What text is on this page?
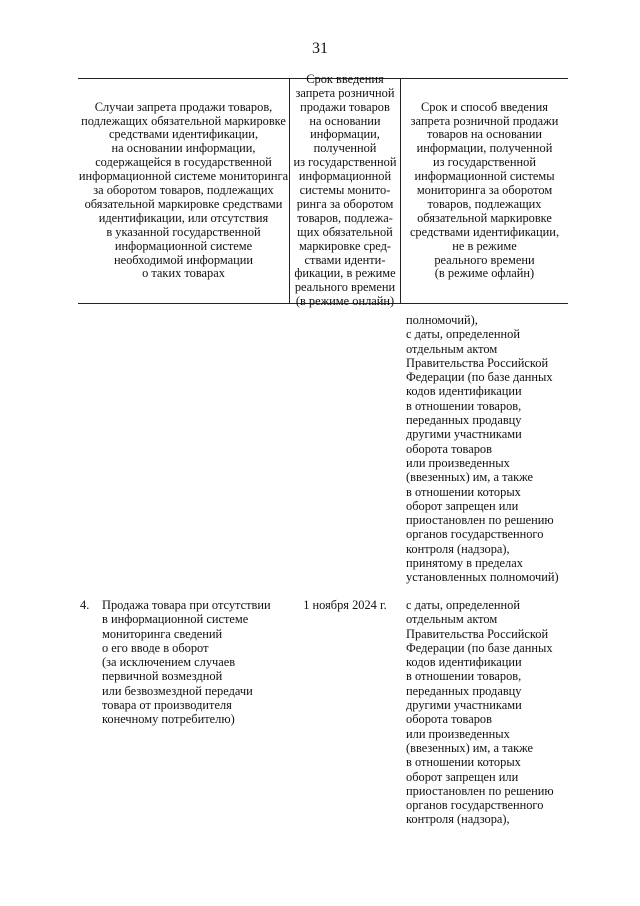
31
Случаи запрета продажи товаров,
подлежащих обязательной маркировке
средствами идентификации,
на основании информации,
содержащейся в государственной
информационной системе мониторинга
за оборотом товаров, подлежащих
обязательной маркировке средствами
идентификации, или отсутствия
в указанной государственной
информационной системе
необходимой информации
о таких товарах
Срок введения
запрета розничной
продажи товаров
на основании
информации,
полученной
из государственной
информационной
системы монито-
ринга за оборотом
товаров, подлежа-
щих обязательной
маркировке сред-
ствами иденти-
фикации, в режиме
реального времени
(в режиме онлайн)
Срок и способ введения
запрета розничной продажи
товаров на основании
информации, полученной
из государственной
информационной системы
мониторинга за оборотом
товаров, подлежащих
обязательной маркировке
средствами идентификации,
не в режиме
реального времени
(в режиме офлайн)
полномочий),
с даты, определенной
отдельным актом
Правительства Российской
Федерации (по базе данных
кодов идентификации
в отношении товаров,
переданных продавцу
другими участниками
оборота товаров
или произведенных
(ввезенных) им, а также
в отношении которых
оборот запрещен или
приостановлен по решению
органов государственного
контроля (надзора),
принятому в пределах
установленных полномочий)
4. Продажа товара при отсутствии
в информационной системе
мониторинга сведений
о его вводе в оборот
(за исключением случаев
первичной возмездной
или безвозмездной передачи
товара от производителя
конечному потребителю)
1 ноября 2024 г.	с даты, определенной
отдельным актом
Правительства Российской
Федерации (по базе данных
кодов идентификации
в отношении товаров,
переданных продавцу
другими участниками
оборота товаров
или произведенных
(ввезенных) им, а также
в отношении которых
оборот запрещен или
приостановлен по решению
органов государственного
контроля (надзора),
